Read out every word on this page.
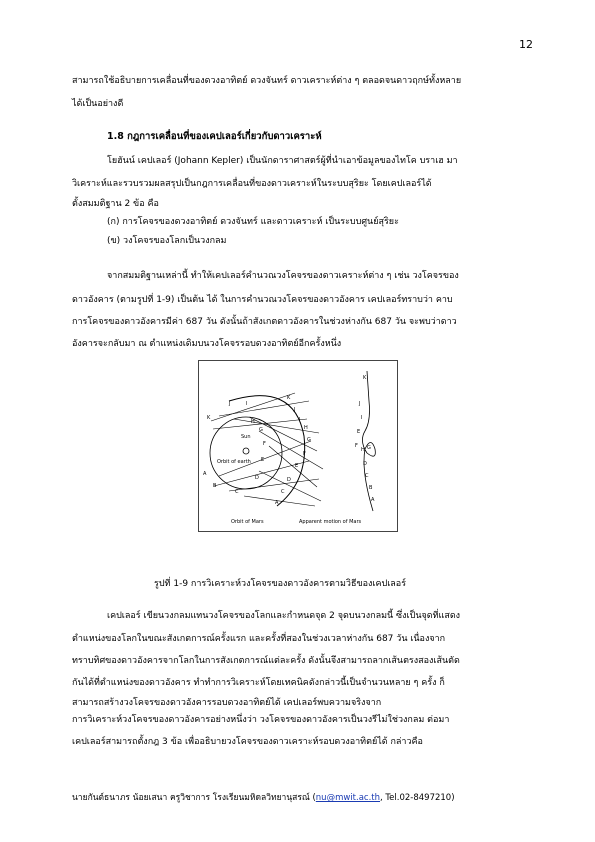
12
สามารถใช้อธิบายการเคลื่อนที่ของดวงอาทิตย์ ดวงจันทร์ ดาวเคราะห์ต่าง ๆ ตลอดจนดาวฤกษ์ทั้งหลาย
ได้เป็นอย่างดี
1.8 กฎการเคลื่อนที่ของเคปเลอร์เกี่ยวกับดาวเคราะห์
โยฮันน์ เคปเลอร์ (Johann Kepler) เป็นนักดาราศาสตร์ผู้ที่นำเอาข้อมูลของไทโค บราเฮ มา
วิเคราะห์และรวบรวมผลสรุปเป็นกฎการเคลื่อนที่ของดาวเคราะห์ในระบบสุริยะ โดยเคปเลอร์ได้
ตั้งสมมติฐาน 2 ข้อ คือ
(ก) การโคจรของดวงอาทิตย์ ดวงจันทร์ และดาวเคราะห์ เป็นระบบศูนย์สุริยะ
(ข) วงโคจรของโลกเป็นวงกลม
จากสมมติฐานเหล่านี้ ทำให้เคปเลอร์คำนวณวงโคจรของดาวเคราะห์ต่าง ๆ เช่น วงโคจรของ
ดาวอังคาร (ตามรูปที่ 1-9) เป็นต้น ได้ ในการคำนวณวงโคจรของดาวอังคาร เคปเลอร์ทราบว่า คาบ
การโคจรของดาวอังคารมีค่า 687 วัน ดังนั้นถ้าสังเกตดาวอังคารในช่วงห่างกัน 687 วัน จะพบว่าดาว
อังคารจะกลับมา ณ ตำแหน่งเดิมบนวงโคจรรอบดวงอาทิตย์อีกครั้งหนึ่ง
K
J	I
K
J
I
H
G
F
E
D
C
A
A
B
C
D
E
F
G
H
K
J
I
E
F
H G
D
C
B
A
Sun
Orbit of earth
Orbit of Mars	Apparent motion of Mars
รูปที่ 1-9 การวิเคราะห์วงโคจรของดาวอังคารตามวิธีของเคปเลอร์
เคปเลอร์ เขียนวงกลมแทนวงโคจรของโลกและกำหนดจุด 2 จุดบนวงกลมนี้ ซึ่งเป็นจุดที่แสดง
ตำแหน่งของโลกในขณะสังเกตการณ์ครั้งแรก และครั้งที่สองในช่วงเวลาห่างกัน 687 วัน เนื่องจาก
ทราบทิศของดาวอังคารจากโลกในการสังเกตการณ์แต่ละครั้ง ดังนั้นจึงสามารถลากเส้นตรงสองเส้นตัด
กันได้ที่ตำแหน่งของดาวอังคาร ทำทำการวิเคราะห์โดยเทคนิคดังกล่าวนี้เป็นจำนวนหลาย ๆ ครั้ง ก็
สามารถสร้างวงโคจรของดาวอังคารรอบดวงอาทิตย์ได้ เคปเลอร์พบความจริงจาก
การวิเคราะห์วงโคจรของดาวอังคารอย่างหนึ่งว่า วงโคจรของดาวอังคารเป็นวงรีไม่ใช่วงกลม ต่อมา
เคปเลอร์สามารถตั้งกฎ 3 ข้อ เพื่ออธิบายวงโคจรของดาวเคราะห์รอบดวงอาทิตย์ได้ กล่าวคือ
นายกันต์ธนาภร น้อยเสนา ครูวิชาการ โรงเรียนมหิดลวิทยานุสรณ์ (nu@mwit.ac.th, Tel.02-8497210)
